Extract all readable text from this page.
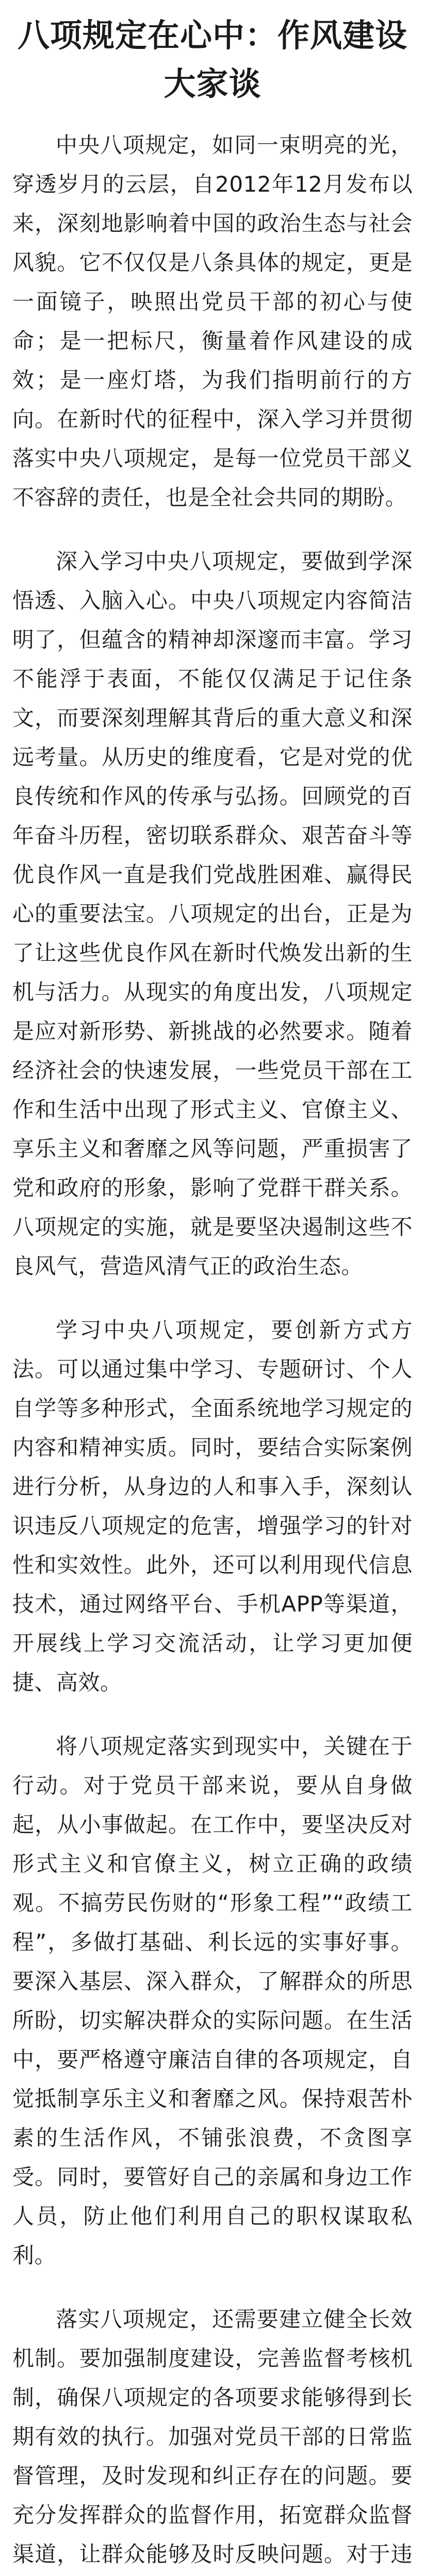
八项规定在心中：作风建设大家谈

中央八项规定，如同一束明亮的光，穿透岁月的云层，自2012年12月发布以来，深刻地影响着中国的政治生态与社会风貌。它不仅仅是八条具体的规定，更是一面镜子，映照出党员干部的初心与使命；是一把标尺，衡量着作风建设的成效；是一座灯塔，为我们指明前行的方向。在新时代的征程中，深入学习并贯彻落实中央八项规定，是每一位党员干部义不容辞的责任，也是全社会共同的期盼。

深入学习中央八项规定，要做到学深悟透、入脑入心。中央八项规定内容简洁明了，但蕴含的精神却深邃而丰富。学习不能浮于表面，不能仅仅满足于记住条文，而要深刻理解其背后的重大意义和深远考量。从历史的维度看，它是对党的优良传统和作风的传承与弘扬。回顾党的百年奋斗历程，密切联系群众、艰苦奋斗等优良作风一直是我们党战胜困难、赢得民心的重要法宝。八项规定的出台，正是为了让这些优良作风在新时代焕发出新的生机与活力。从现实的角度出发，八项规定是应对新形势、新挑战的必然要求。随着经济社会的快速发展，一些党员干部在工作和生活中出现了形式主义、官僚主义、享乐主义和奢靡之风等问题，严重损害了党和政府的形象，影响了党群干群关系。八项规定的实施，就是要坚决遏制这些不良风气，营造风清气正的政治生态。

学习中央八项规定，要创新方式方法。可以通过集中学习、专题研讨、个人自学等多种形式，全面系统地学习规定的内容和精神实质。同时，要结合实际案例进行分析，从身边的人和事入手，深刻认识违反八项规定的危害，增强学习的针对性和实效性。此外，还可以利用现代信息技术，通过网络平台、手机APP等渠道，开展线上学习交流活动，让学习更加便捷、高效。

将八项规定落实到现实中，关键在于行动。对于党员干部来说，要从自身做起，从小事做起。在工作中，要坚决反对形式主义和官僚主义，树立正确的政绩观。不搞劳民伤财的“形象工程”“政绩工程”，多做打基础、利长远的实事好事。要深入基层、深入群众，了解群众的所思所盼，切实解决群众的实际问题。在生活中，要严格遵守廉洁自律的各项规定，自觉抵制享乐主义和奢靡之风。保持艰苦朴素的生活作风，不铺张浪费，不贪图享受。同时，要管好自己的亲属和身边工作人员，防止他们利用自己的职权谋取私利。

落实八项规定，还需要建立健全长效机制。要加强制度建设，完善监督考核机制，确保八项规定的各项要求能够得到长期有效的执行。加强对党员干部的日常监督管理，及时发现和纠正存在的问题。要充分发挥群众的监督作用，拓宽群众监督渠道，让群众能够及时反映问题。对于违
